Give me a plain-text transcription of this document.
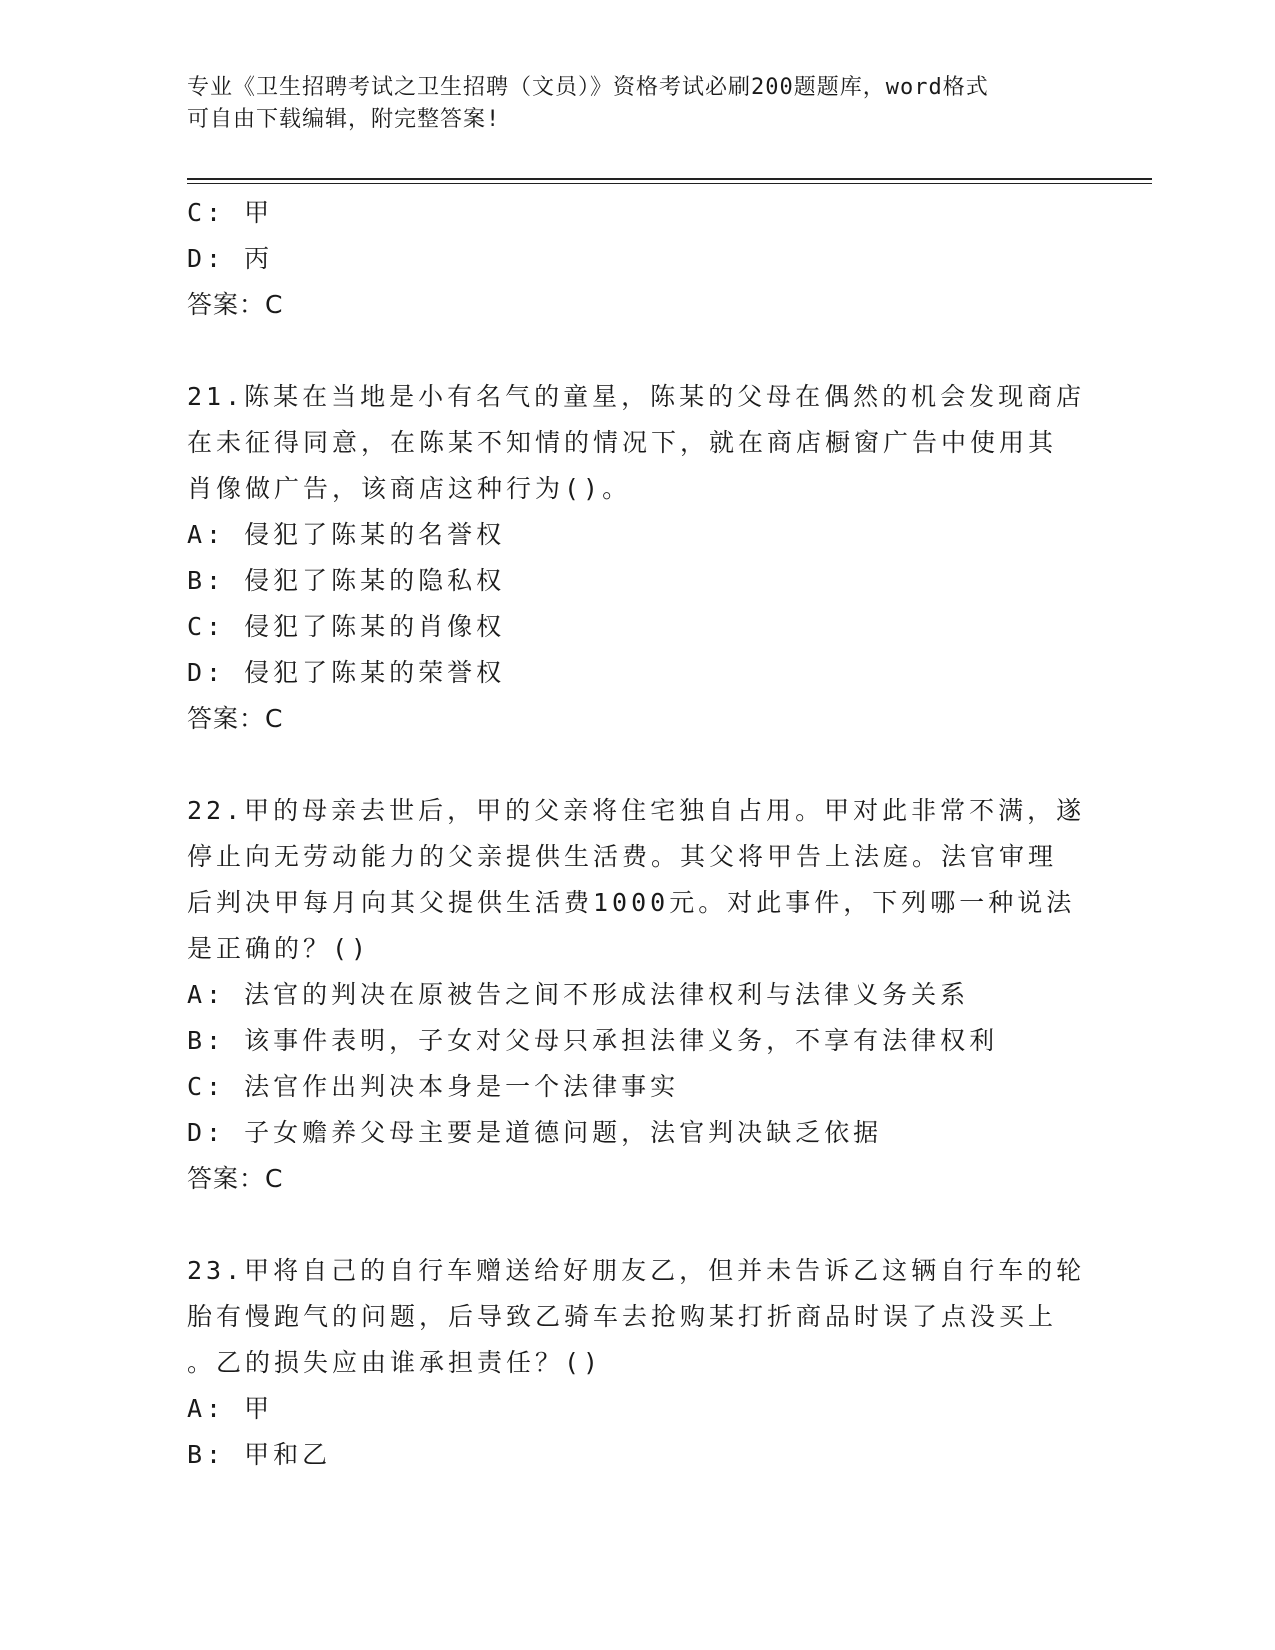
专业《卫生招聘考试之卫生招聘（文员）》资格考试必刷200题题库，word格式
可自由下载编辑，附完整答案!
C: 甲
D: 丙
答案：C
21.陈某在当地是小有名气的童星，陈某的父母在偶然的机会发现商店
在未征得同意，在陈某不知情的情况下，就在商店橱窗广告中使用其
肖像做广告，该商店这种行为()。
A: 侵犯了陈某的名誉权
B: 侵犯了陈某的隐私权
C: 侵犯了陈某的肖像权
D: 侵犯了陈某的荣誉权
答案：C
22.甲的母亲去世后，甲的父亲将住宅独自占用。甲对此非常不满，遂
停止向无劳动能力的父亲提供生活费。其父将甲告上法庭。法官审理
后判决甲每月向其父提供生活费1000元。对此事件，下列哪一种说法
是正确的？()
A: 法官的判决在原被告之间不形成法律权利与法律义务关系
B: 该事件表明，子女对父母只承担法律义务，不享有法律权利
C: 法官作出判决本身是一个法律事实
D: 子女赡养父母主要是道德问题，法官判决缺乏依据
答案：C
23.甲将自己的自行车赠送给好朋友乙，但并未告诉乙这辆自行车的轮
胎有慢跑气的问题，后导致乙骑车去抢购某打折商品时误了点没买上
。乙的损失应由谁承担责任？()
A: 甲
B: 甲和乙
